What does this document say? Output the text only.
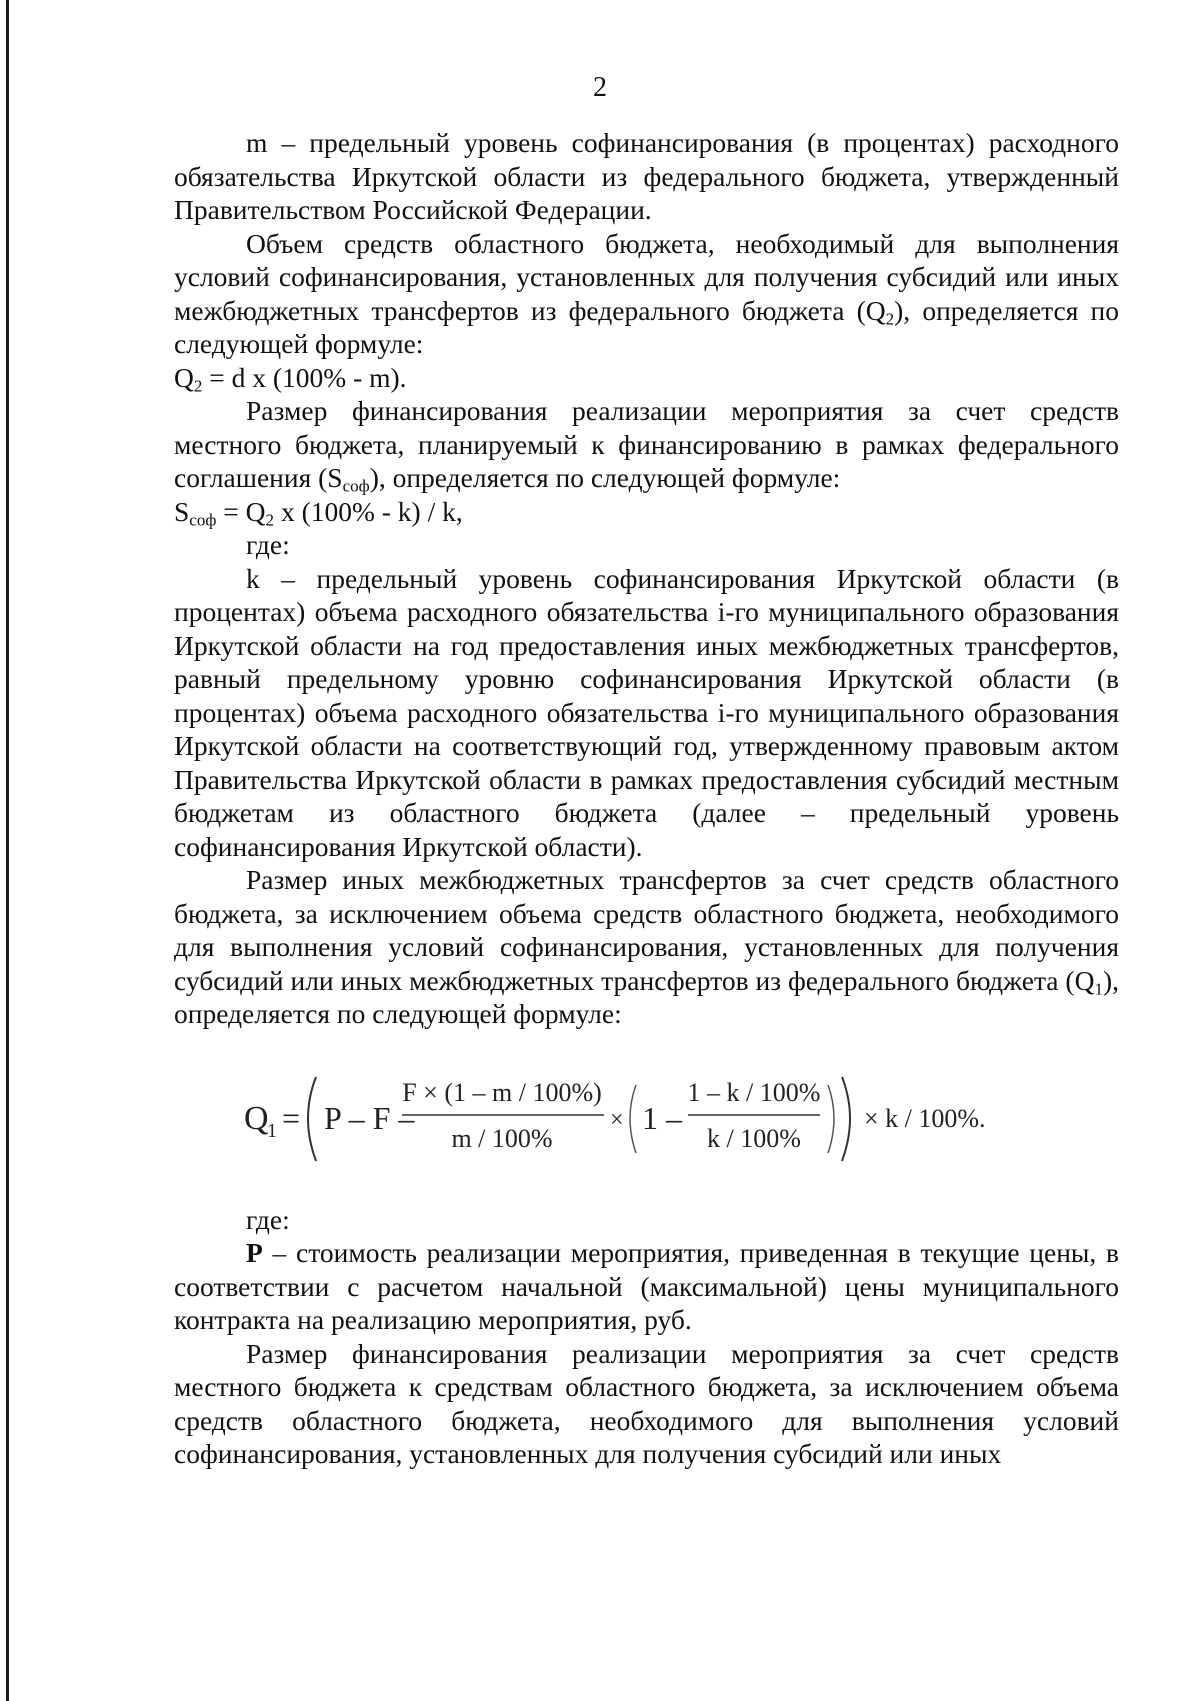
2

m – предельный уровень софинансирования (в процентах) расходного обязательства Иркутской области из федерального бюджета, утвержденный Правительством Российской Федерации.

Объем средств областного бюджета, необходимый для выполнения условий софинансирования, установленных для получения субсидий или иных межбюджетных трансфертов из федерального бюджета $(Q_2)$, определяется по следующей формуле:

$Q_2 = d$ x (100% - m).

Размер финансирования реализации мероприятия за счет средств местного бюджета, планируемый к финансированию в рамках федерального соглашения $(S_{соф})$, определяется по следующей формуле:

$S_{соф} = Q_2$ x (100% - k) / k,

где:

k – предельный уровень софинансирования Иркутской области (в процентах) объема расходного обязательства i-го муниципального образования Иркутской области на год предоставления иных межбюджетных трансфертов, равный предельному уровню софинансирования Иркутской области (в процентах) объема расходного обязательства i-го муниципального образования Иркутской области на соответствующий год, утвержденному правовым актом Правительства Иркутской области в рамках предоставления субсидий местным бюджетам из областного бюджета (далее – предельный уровень софинансирования Иркутской области).

Размер иных межбюджетных трансфертов за счет средств областного бюджета, за исключением объема средств областного бюджета, необходимого для выполнения условий софинансирования, установленных для получения субсидий или иных межбюджетных трансфертов из федерального бюджета $(Q_1)$, определяется по следующей формуле:

Q
1 = P – F –
F × (1 – m / 100%)
m / 100%
× 1 –
1 – k / 100%
k / 100%
× k / 100%.

где:

P – стоимость реализации мероприятия, приведенная в текущие цены, в соответствии с расчетом начальной (максимальной) цены муниципального контракта на реализацию мероприятия, руб.

Размер финансирования реализации мероприятия за счет средств местного бюджета к средствам областного бюджета, за исключением объема средств областного бюджета, необходимого для выполнения условий софинансирования, установленных для получения субсидий или иных
